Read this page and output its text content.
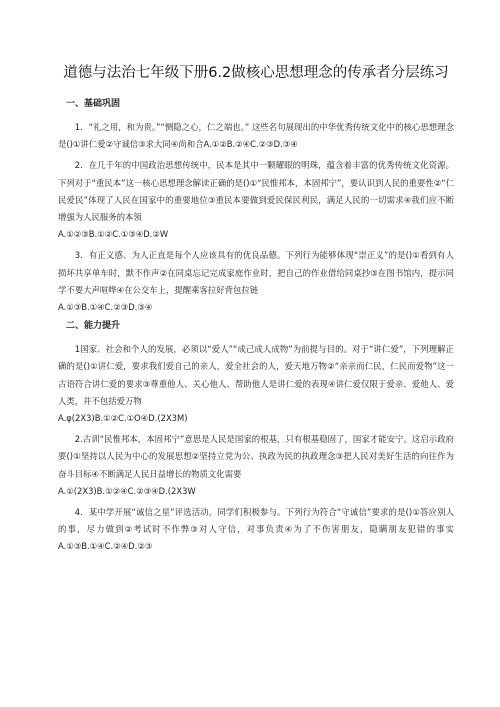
道德与法治七年级下册6.2做核心思想理念的传承者分层练习
一、基础巩固

1．“礼之用，和为贵。”“恻隐之心，仁之端也。” 这些名句展现出的中华优秀传统文化中的核心思想理念是()①讲仁爱②守诚信③求大同④尚和合A.①②B.②④C.②③D.③④

2．在几千年的中国政治思想传统中，民本是其中一颗耀眼的明珠，蕴含着丰富的优秀传统文化资源。下列对于“重民本”这一核心思想理念解读正确的是()①“民惟邦本，本固邦宁”，要认识到人民的重要性②“仁民爱民”体现了人民在国家中的重要地位③重民本要做到爱民保民利民，满足人民的一切需求④我们应不断增强为人民服务的本领

A.①②③B.①②C.①③④D.②W

3．有正义感、为人正直是每个人应该具有的优良品德。下列行为能够体现“崇正义”的是()①看到有人损坏共享单车时，默不作声②在同桌忘记完成家庭作业时，把自己的作业借给同桌抄③在图书馆内，提示同学不要大声喧哗④在公交车上，提醒乘客拉好背包拉链

A.①③B.①④C.②③D.③④
二、能力提升

1国家、社会和个人的发展，必须以“爱人”“成己成人成物”为前提与目的。对于“讲仁爱”，下列理解正确的是()①讲仁爱，要求我们爱自己的亲人，爱全社会的人，爱天地万物②“亲亲而仁民，仁民而爱物”这一古语符合讲仁爱的要求③尊重他人、关心他人、帮助他人是讲仁爱的表现④讲仁爱仅限于爱亲、爱他人、爱人类，并不包括爱万物

A.φ(2X3)B.①②C.①O④D.(2X3M)

2.古训“民惟邦本，本固邦宁”意思是人民是国家的根基，只有根基稳固了，国家才能安宁。这启示政府要()①坚持以人民为中心的发展思想②坚持立党为公、执政为民的执政理念③把人民对美好生活的向往作为奋斗目标④不断满足人民日益增长的物质文化需要

A.①(2X3)B.①②④C.②③④D.(2X3W

4．某中学开展“诚信之星”评选活动，同学们积极参与。下列行为符合“守诚信”要求的是()①答应别人的事，尽力做到②考试时不作弊③对人守信，对事负责④为了不伤害朋友，隐瞒朋友犯错的事实A.①③B.①④C.②④D.②③
